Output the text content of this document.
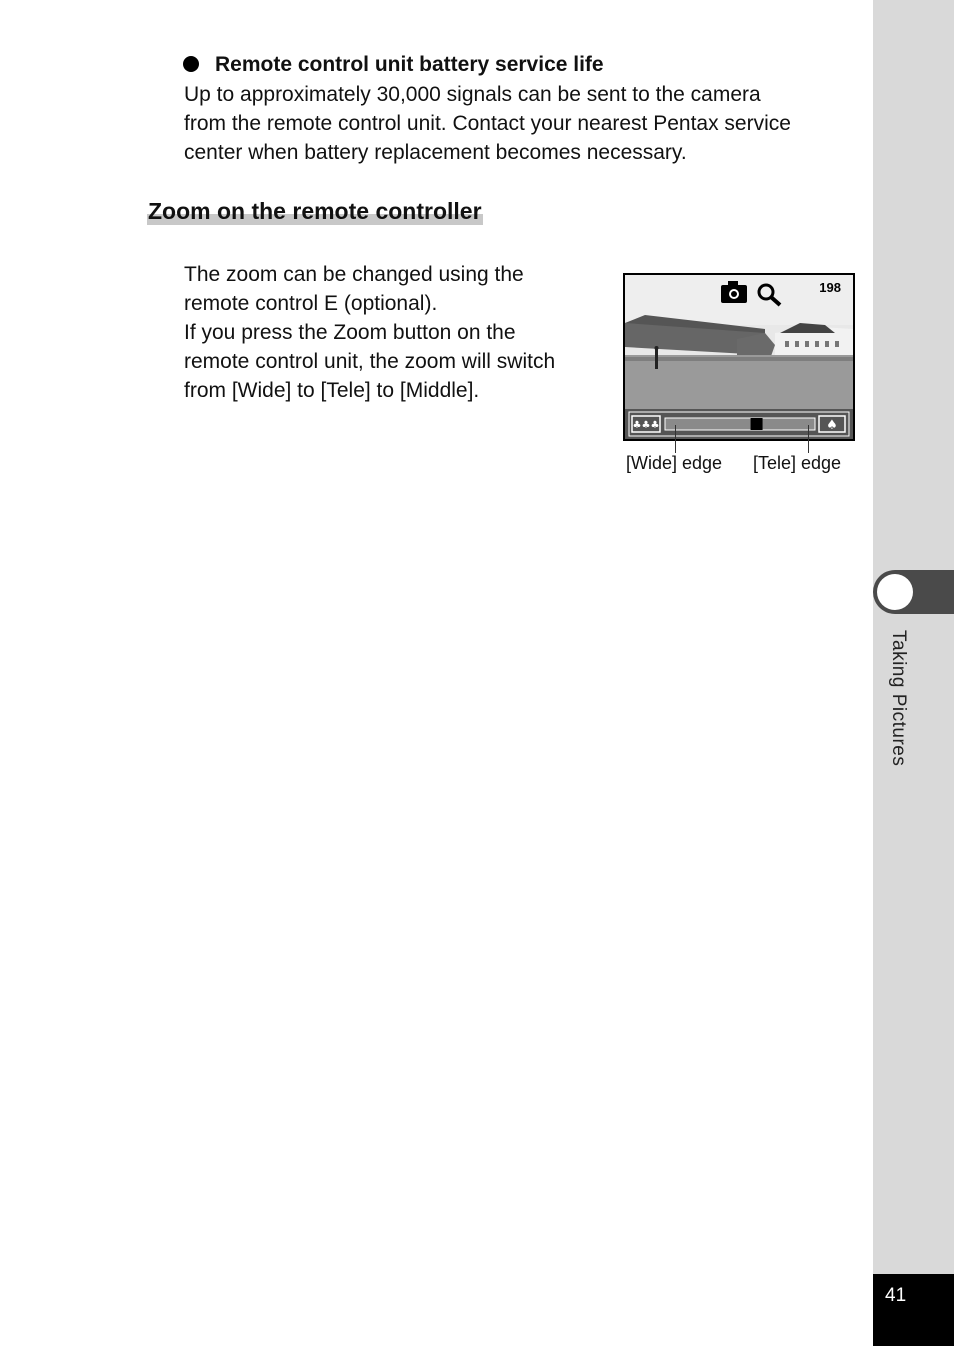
Taking Pictures
41
Remote control unit battery service life

Up to approximately 30,000 signals can be sent to the camera
from the remote control unit. Contact your nearest Pentax service
center when battery replacement becomes necessary.

Zoom on the remote controller

The zoom can be changed using the
remote control E (optional).
If you press the Zoom button on the
remote control unit, the zoom will switch
from [Wide] to [Tele] to [Middle].

♣♣♣	♠
198
[Wide] edge [Tele] edge
